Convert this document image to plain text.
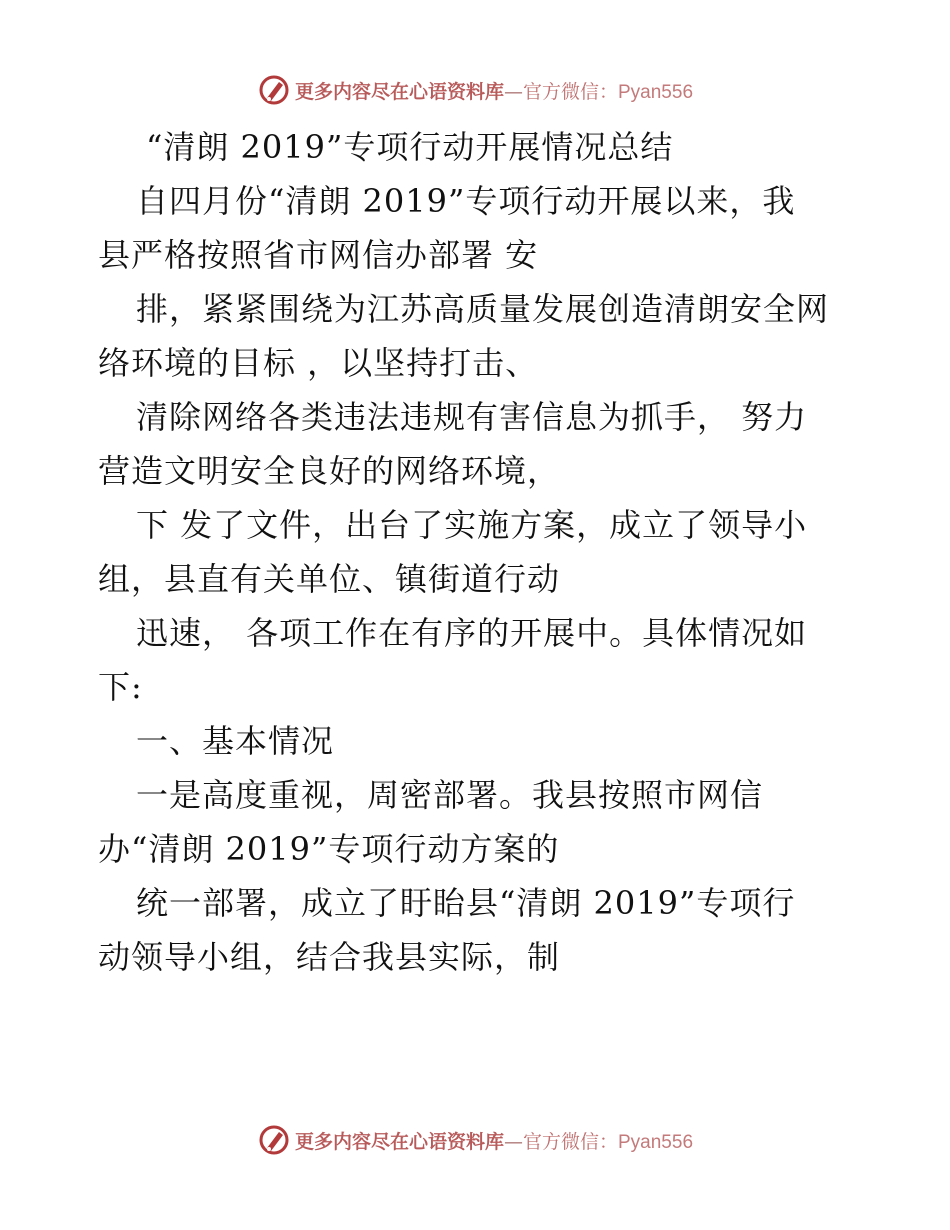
更多内容尽在心语资料库 — 官方微信： Pyan556
“清朗 2019”专项行动开展情况总结
自四月份“清朗 2019”专项行动开展以来，我
县严格按照省市网信办部署 安
排，紧紧围绕为江苏高质量发展创造清朗安全网
络环境的目标 ，以坚持打击、
清除网络各类违法违规有害信息为抓手， 努力
营造文明安全良好的网络环境，
下 发了文件，出台了实施方案，成立了领导小
组，县直有关单位、镇街道行动
迅速， 各项工作在有序的开展中。具体情况如
下:
一、基本情况
一是高度重视，周密部署。我县按照市网信
办“清朗 2019”专项行动方案的
统一部署，成立了盱眙县“清朗 2019”专项行
动领导小组，结合我县实际，制
更多内容尽在心语资料库 — 官方微信： Pyan556
